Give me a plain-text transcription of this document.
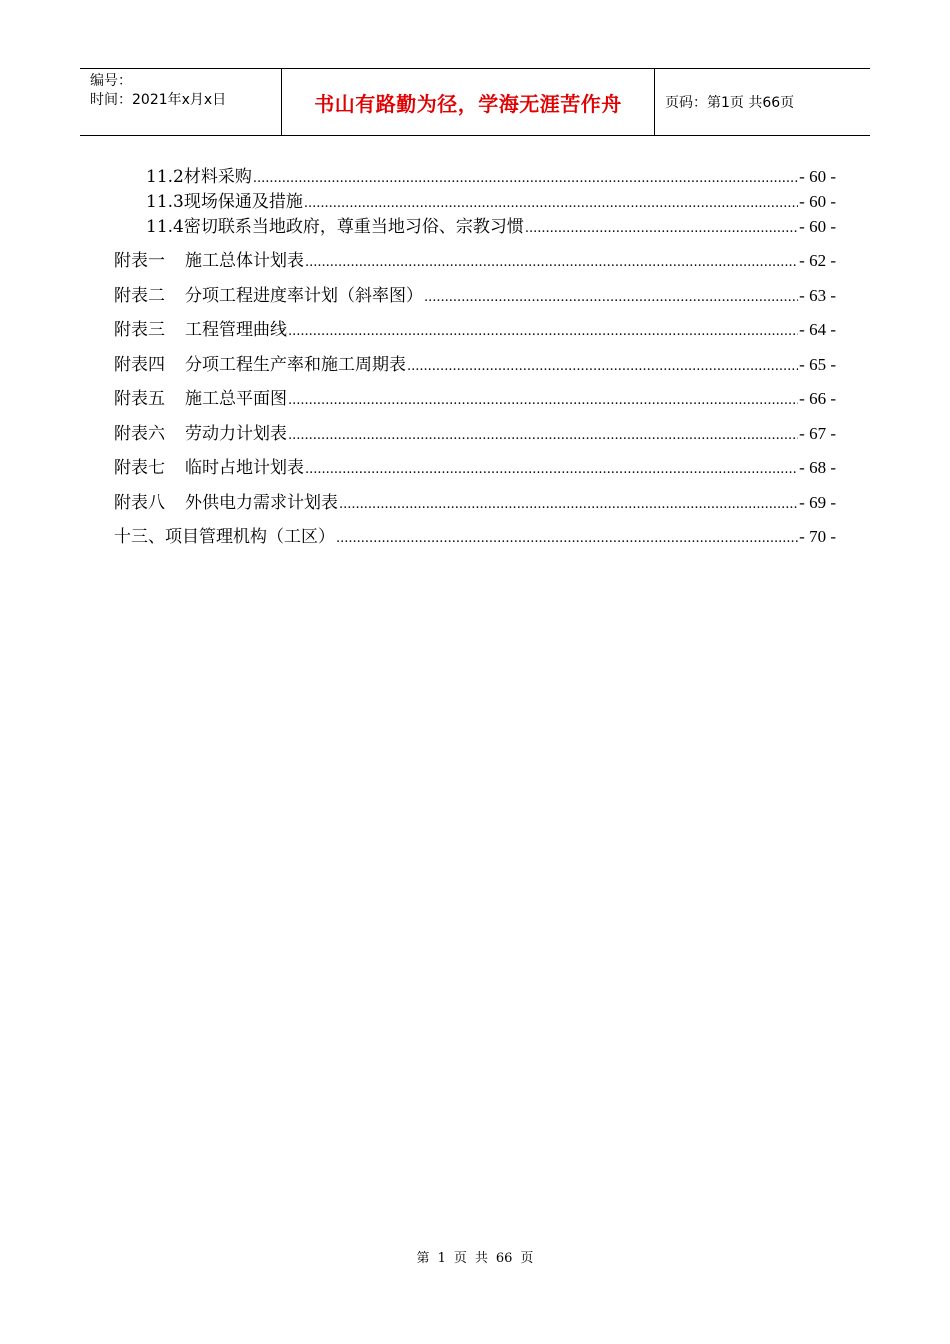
编号：
时间：2021年x月x日	书山有路勤为径，学海无涯苦作舟	页码：第1页 共66页
11.2材料采购 .....	- 60 -
11.3现场保通及措施 .....	- 60 -
11.4密切联系当地政府，尊重当地习俗、宗教习惯 .....	- 60 -
附表一 施工总体计划表 .....	- 62 -
附表二 分项工程进度率计划（斜率图） .....	- 63 -
附表三 工程管理曲线 .....	- 64 -
附表四 分项工程生产率和施工周期表 .....	- 65 -
附表五 施工总平面图 .....	- 66 -
附表六 劳动力计划表 .....	- 67 -
附表七 临时占地计划表 .....	- 68 -
附表八 外供电力需求计划表 .....	- 69 -
十三、项目管理机构（工区） .....	- 70 -
第 1 页 共 66 页
